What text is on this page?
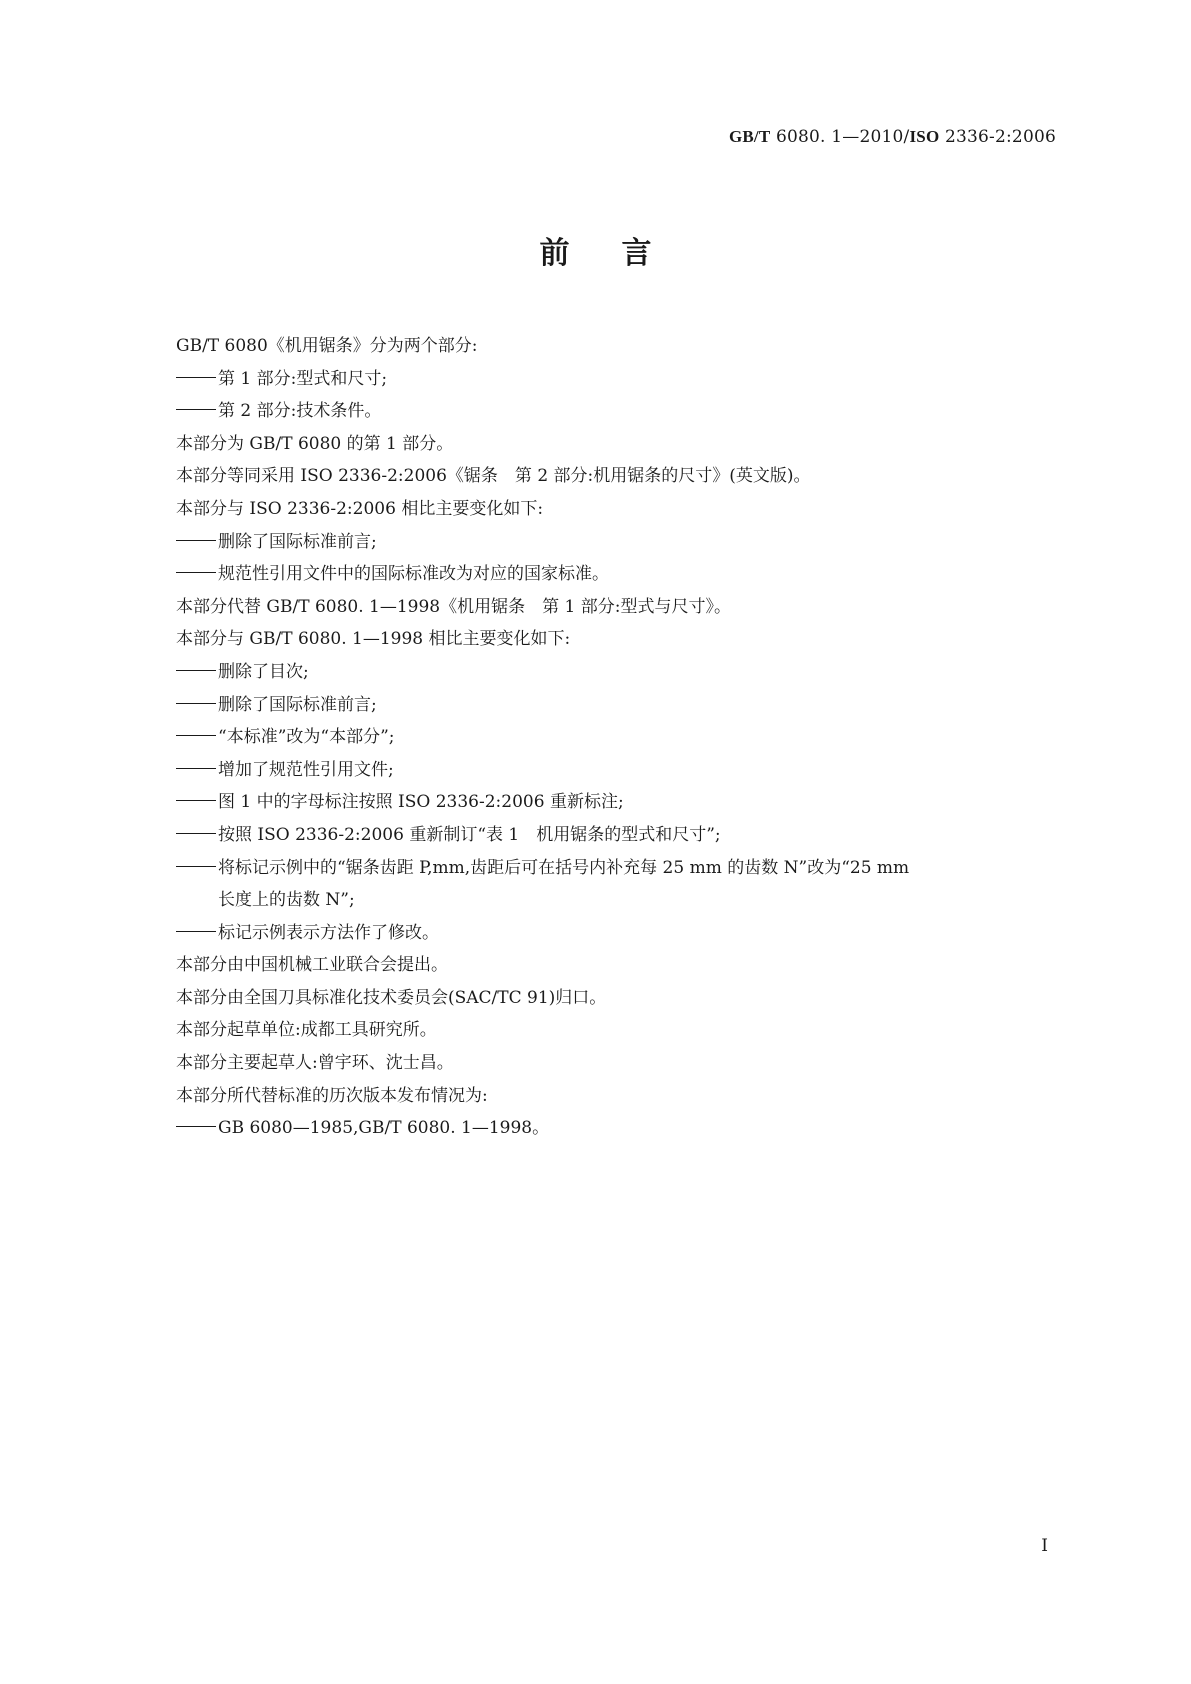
GB/T 6080. 1—2010/ISO 2336-2:2006
前言
GB/T 6080《机用锯条》分为两个部分:
第 1 部分:型式和尺寸;
第 2 部分:技术条件。
本部分为 GB/T 6080 的第 1 部分。
本部分等同采用 ISO 2336-2:2006《锯条　第 2 部分:机用锯条的尺寸》(英文版)。
本部分与 ISO 2336-2:2006 相比主要变化如下:
删除了国际标准前言;
规范性引用文件中的国际标准改为对应的国家标准。
本部分代替 GB/T 6080. 1—1998《机用锯条　第 1 部分:型式与尺寸》。
本部分与 GB/T 6080. 1—1998 相比主要变化如下:
删除了目次;
删除了国际标准前言;
“本标准”改为“本部分”;
增加了规范性引用文件;
图 1 中的字母标注按照 ISO 2336-2:2006 重新标注;
按照 ISO 2336-2:2006 重新制订“表 1　机用锯条的型式和尺寸”;
将标记示例中的“锯条齿距 P,mm,齿距后可在括号内补充每 25 mm 的齿数 N”改为“25 mm
长度上的齿数 N”;
标记示例表示方法作了修改。
本部分由中国机械工业联合会提出。
本部分由全国刀具标准化技术委员会(SAC/TC 91)归口。
本部分起草单位:成都工具研究所。
本部分主要起草人:曾宇环、沈士昌。
本部分所代替标准的历次版本发布情况为:
GB 6080—1985,GB/T 6080. 1—1998。
I
